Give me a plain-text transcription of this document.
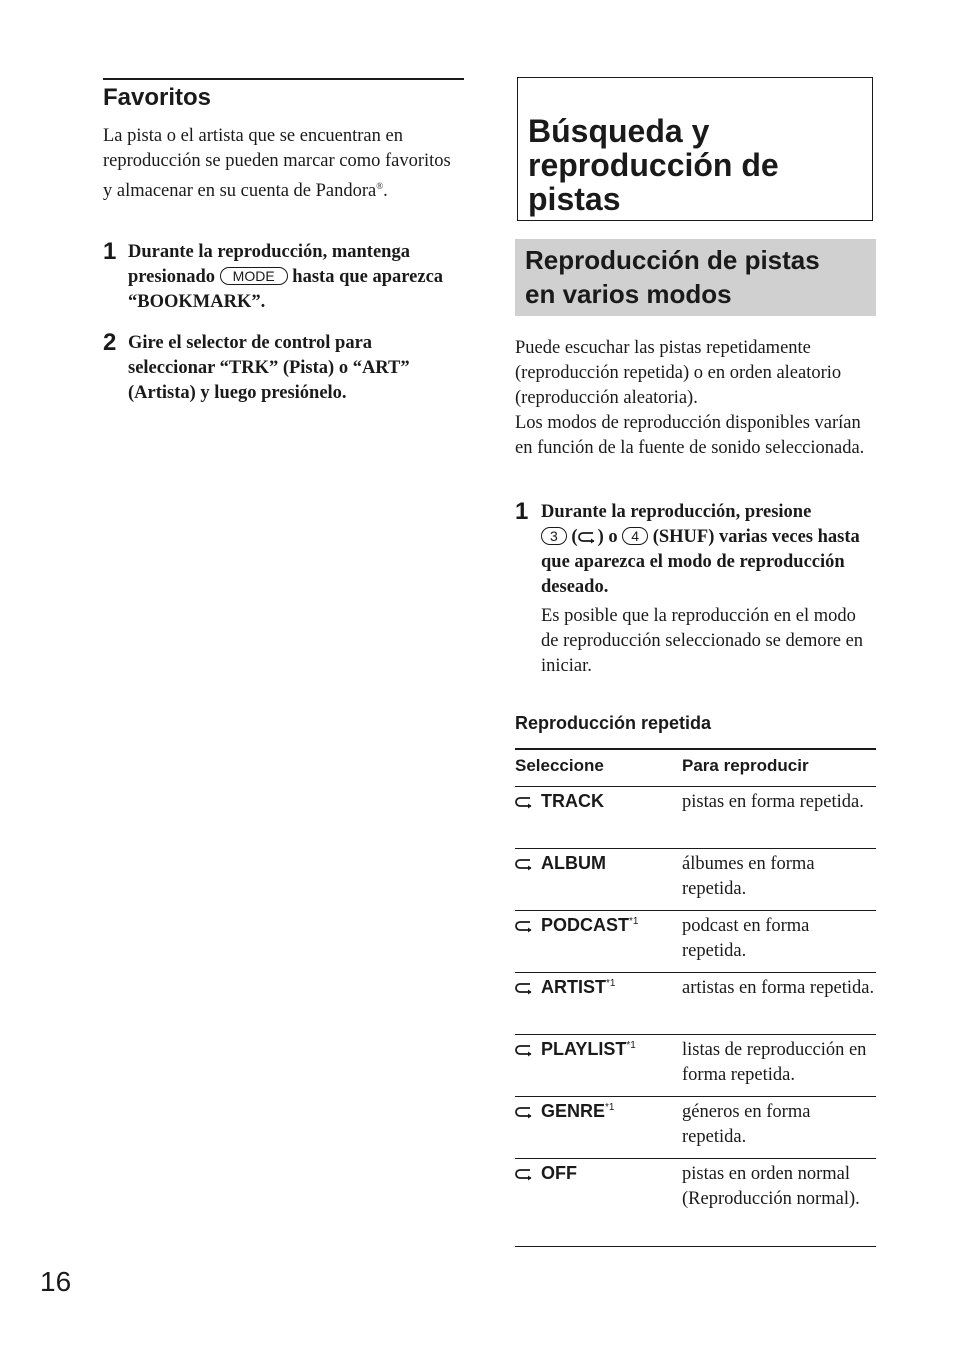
Favoritos

La pista o el artista que se encuentran en reproducción se pueden marcar como favoritos y almacenar en su cuenta de Pandora®.

1 Durante la reproducción, mantenga presionado MODE hasta que aparezca “BOOKMARK”.
2 Gire el selector de control para seleccionar “TRK” (Pista) o “ART” (Artista) y luego presiónelo.
Búsqueda y
reproducción de
pistas
Reproducción de pistas
en varios modos

Puede escuchar las pistas repetidamente (reproducción repetida) o en orden aleatorio (reproducción aleatoria).
Los modos de reproducción disponibles varían en función de la fuente de sonido seleccionada.

1 Durante la reproducción, presione
3 ( ) o 4 (SHUF) varias veces hasta que aparezca el modo de reproducción deseado.

Es posible que la reproducción en el modo de reproducción seleccionado se demore en iniciar.

Reproducción repetida
Seleccione	Para reproducir
TRACK	pistas en forma repetida.
ALBUM	álbumes en forma repetida.
PODCAST$^{*1}$ podcast en forma repetida.
ARTIST$^{*1}$	artistas en forma repetida.
PLAYLIST$^{*1}$ listas de reproducción en forma repetida.
GENRE$^{*1}$	géneros en forma repetida.
OFF	pistas en orden normal (Reproducción normal).

16
